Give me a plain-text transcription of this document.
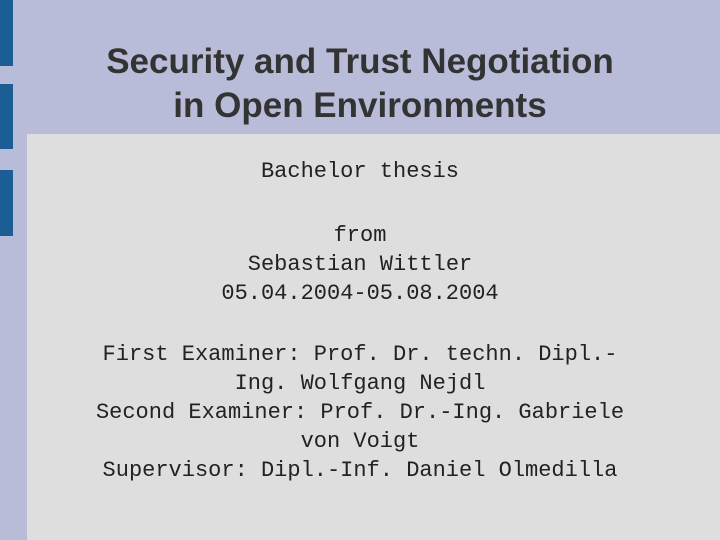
Security and Trust Negotiation
in Open Environments
Bachelor thesis
from
Sebastian Wittler
05.04.2004-05.08.2004
First Examiner: Prof. Dr. techn. Dipl.-
Ing. Wolfgang Nejdl
Second Examiner: Prof. Dr.-Ing. Gabriele
von Voigt
Supervisor: Dipl.-Inf. Daniel Olmedilla
